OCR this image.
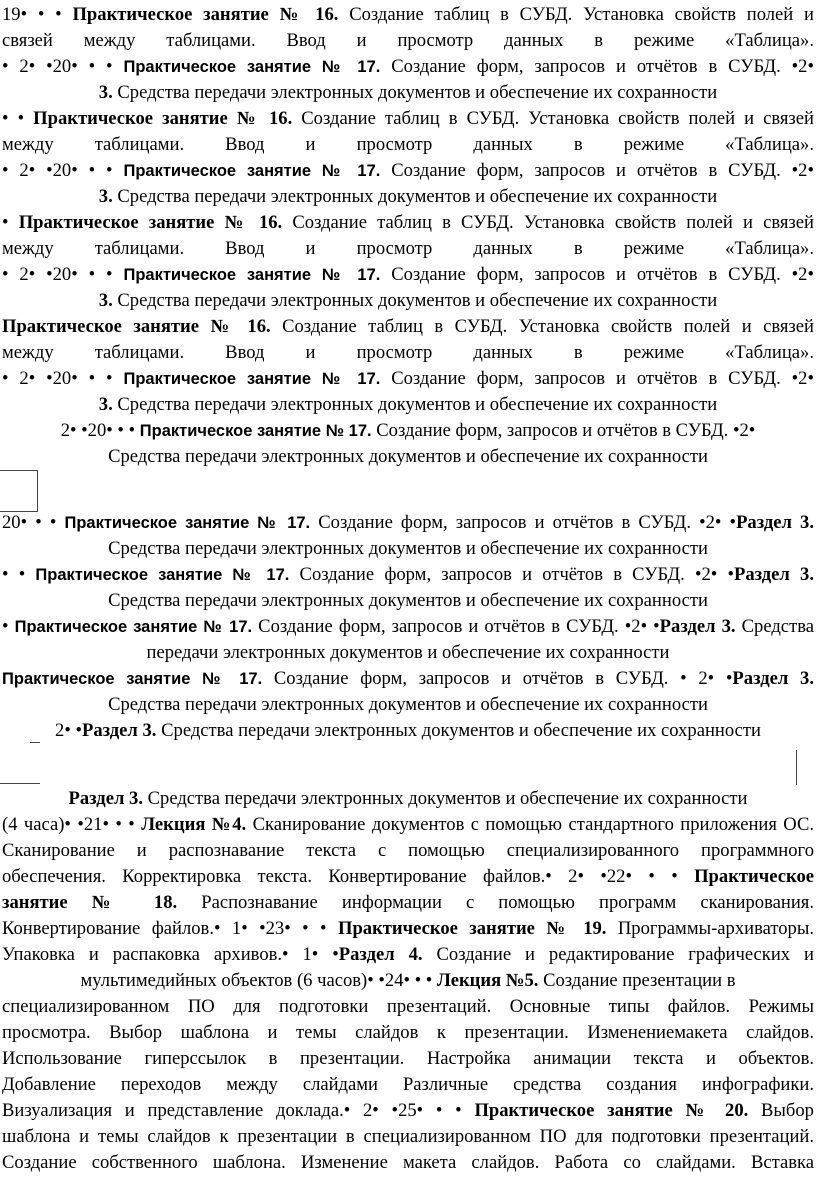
19• • • Практическое занятие № 16. Создание таблиц в СУБД. Установка свойств полей и
связей между таблицами. Ввод и просмотр данных в режиме «Таблица».
• 2• •20• • • Практическое занятие № 17. Создание форм, запросов и отчётов в СУБД. •2•
3. Средства передачи электронных документов и обеспечение их сохранности
• • Практическое занятие № 16. Создание таблиц в СУБД. Установка свойств полей и связей
между таблицами. Ввод и просмотр данных в режиме «Таблица».
• 2• •20• • • Практическое занятие № 17. Создание форм, запросов и отчётов в СУБД. •2•
3. Средства передачи электронных документов и обеспечение их сохранности
• Практическое занятие № 16. Создание таблиц в СУБД. Установка свойств полей и связей
между таблицами. Ввод и просмотр данных в режиме «Таблица».
• 2• •20• • • Практическое занятие № 17. Создание форм, запросов и отчётов в СУБД. •2•
3. Средства передачи электронных документов и обеспечение их сохранности
Практическое занятие № 16. Создание таблиц в СУБД. Установка свойств полей и связей
между таблицами. Ввод и просмотр данных в режиме «Таблица».
• 2• •20• • • Практическое занятие № 17. Создание форм, запросов и отчётов в СУБД. •2•
3. Средства передачи электронных документов и обеспечение их сохранности
2• •20• • • Практическое занятие № 17. Создание форм, запросов и отчётов в СУБД. •2•
Средства передачи электронных документов и обеспечение их сохранности
20• • • Практическое занятие № 17. Создание форм, запросов и отчётов в СУБД. •2• •Раздел 3.
Средства передачи электронных документов и обеспечение их сохранности
• • Практическое занятие № 17. Создание форм, запросов и отчётов в СУБД. •2• •Раздел 3.
Средства передачи электронных документов и обеспечение их сохранности
• Практическое занятие № 17. Создание форм, запросов и отчётов в СУБД. •2• •Раздел 3. Средства
передачи электронных документов и обеспечение их сохранности
Практическое занятие № 17. Создание форм, запросов и отчётов в СУБД. • 2• •Раздел 3.
Средства передачи электронных документов и обеспечение их сохранности
2• •Раздел 3. Средства передачи электронных документов и обеспечение их сохранности
Раздел 3. Средства передачи электронных документов и обеспечение их сохранности
(4 часа)• •21• • • Лекция №4. Сканирование документов с помощью стандартного приложения ОС.
Сканирование и распознавание текста с помощью специализированного программного
обеспечения. Корректировка текста. Конвертирование файлов.• 2• •22• • • Практическое
занятие № 18. Распознавание информации с помощью программ сканирования.
Конвертирование файлов.• 1• •23• • • Практическое занятие № 19. Программы-архиваторы.
Упаковка и распаковка архивов.• 1• •Раздел 4. Создание и редактирование графических и
мультимедийных объектов (6 часов)• •24• • • Лекция №5. Создание презентации в
специализированном ПО для подготовки презентаций. Основные типы файлов. Режимы
просмотра. Выбор шаблона и темы слайдов к презентации. Изменениемакета слайдов.
Использование гиперссылок в презентации. Настройка анимации текста и объектов.
Добавление переходов между слайдами Различные средства создания инфографики.
Визуализация и представление доклада.• 2• •25• • • Практическое занятие № 20. Выбор
шаблона и темы слайдов к презентации в специализированном ПО для подготовки презентаций.
Создание собственного шаблона. Изменение макета слайдов. Работа со слайдами. Вставка
